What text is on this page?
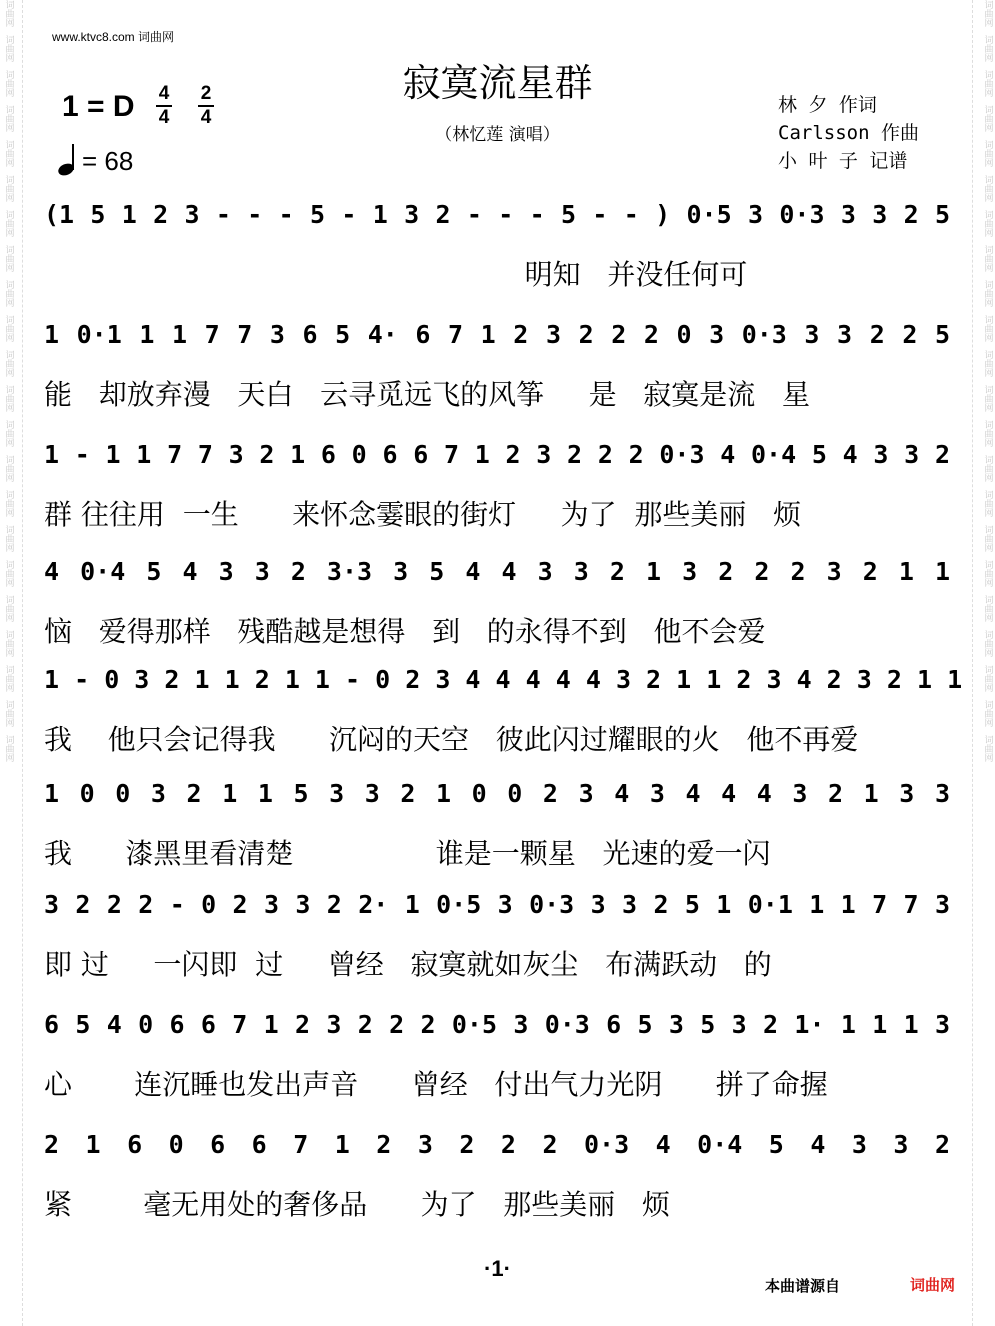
词曲网
词曲网
词曲网
词曲网
词曲网
词曲网
词曲网
词曲网
词曲网
词曲网
词曲网
词曲网
词曲网
词曲网
词曲网
词曲网
词曲网
词曲网
词曲网
词曲网
词曲网
词曲网
词曲网
词曲网
词曲网
词曲网
词曲网
词曲网
词曲网
词曲网
词曲网
词曲网
词曲网
词曲网
词曲网
词曲网
词曲网
词曲网
词曲网
词曲网
词曲网
词曲网
词曲网
词曲网
www.ktvc8.com 词曲网
寂寞流星群
（林忆莲 演唱）
1 = D 4
4
2
4
= 68
林 夕 作词
Carlsson 作曲
小 叶 子 记谱
(1 5 1 2 3 - - - 5 - 1 3 2 - - - 5 - - ) 0·5 3 0·3 3 3 2 5
明知   并没任何可
1 0·1 1 1 7 7 3 6 5 4· 6 7 1 2 3 2 2 2 0 3 0·3 3 3 2 2 5
能   却放弃漫   天白   云寻觅远飞的风筝     是   寂寞是流   星
1 - 1 1 7 7 3 2 1 6 0 6 6 7 1 2 3 2 2 2 0·3 4 0·4 5 4 3 3 2
群 往往用  一生      来怀念霎眼的街灯     为了  那些美丽   烦
4 0·4 5 4 3 3 2 3·3 3 5 4 4 3 3 2 1 3 2 2 2 3 2 1 1
恼   爱得那样   残酷越是想得   到   的永得不到   他不会爱
1 - 0 3 2 1 1 2 1 1 - 0 2 3 4 4 4 4 4 3 2 1 1 2 3 4 2 3 2 1 1
我    他只会记得我      沉闷的天空   彼此闪过耀眼的火   他不再爱
1 0 0 3 2 1 1 5 3 3 2 1 0 0 2 3 4 3 4 4 4 3 2 1 3 3
我      漆黑里看清楚                谁是一颗星   光速的爱一闪
3 2 2 2 - 0 2 3 3 2 2· 1 0·5 3 0·3 3 3 2 5 1 0·1 1 1 7 7 3
即 过     一闪即  过     曾经   寂寞就如灰尘   布满跃动   的
6 5 4 0 6 6 7 1 2 3 2 2 2 0·5 3 0·3 6 5 3 5 3 2 1· 1 1 1 3
心       连沉睡也发出声音      曾经   付出气力光阴      拼了命握
2 1 6 0 6 6 7 1 2 3 2 2 2 0·3 4 0·4 5 4 3 3 2
紧        毫无用处的奢侈品      为了   那些美丽   烦
·1·
本曲谱源自	词曲网
